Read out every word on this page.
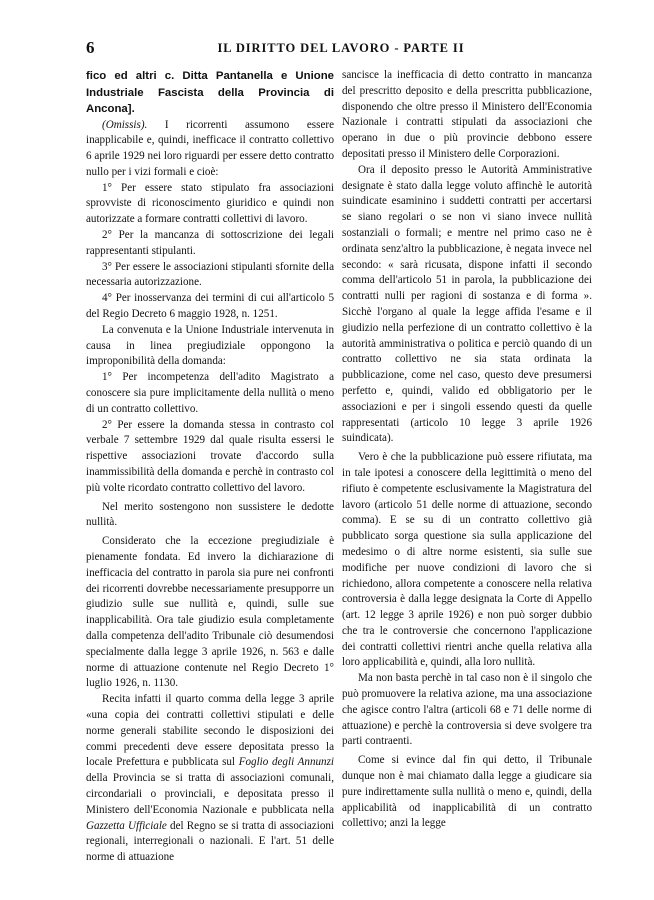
6	IL DIRITTO DEL LAVORO - PARTE II

fico ed altri c. Ditta Pantanella e Unione Industriale Fascista della Provincia di Ancona].

(Omissis). I ricorrenti assumono essere inapplicabile e, quindi, inefficace il contratto collettivo 6 aprile 1929 nei loro riguardi per essere detto contratto nullo per i vizi formali e cioè:

1° Per essere stato stipulato fra associazioni sprovviste di riconoscimento giuridico e quindi non autorizzate a formare contratti collettivi di lavoro.

2° Per la mancanza di sottoscrizione dei legali rappresentanti stipulanti.

3° Per essere le associazioni stipulanti sfornite della necessaria autorizzazione.

4° Per inosservanza dei termini di cui all'articolo 5 del Regio Decreto 6 maggio 1928, n. 1251.

La convenuta e la Unione Industriale intervenuta in causa in linea pregiudiziale oppongono la improponibilità della domanda:

1° Per incompetenza dell'adito Magistrato a conoscere sia pure implicitamente della nullità o meno di un contratto collettivo.

2° Per essere la domanda stessa in contrasto col verbale 7 settembre 1929 dal quale risulta essersi le rispettive associazioni trovate d'accordo sulla inammissibilità della domanda e perchè in contrasto col più volte ricordato contratto collettivo del lavoro.

Nel merito sostengono non sussistere le dedotte nullità.

Considerato che la eccezione pregiudiziale è pienamente fondata. Ed invero la dichiarazione di inefficacia del contratto in parola sia pure nei confronti dei ricorrenti dovrebbe necessariamente presupporre un giudizio sulle sue nullità e, quindi, sulle sue inapplicabilità. Ora tale giudizio esula completamente dalla competenza dell'adito Tribunale ciò desumendosi specialmente dalla legge 3 aprile 1926, n. 563 e dalle norme di attuazione contenute nel Regio Decreto 1° luglio 1926, n. 1130.

Recita infatti il quarto comma della legge 3 aprile «una copia dei contratti collettivi stipulati e delle norme generali stabilite secondo le disposizioni dei commi precedenti deve essere depositata presso la locale Prefettura e pubblicata sul Foglio degli Annunzi della Provincia se si tratta di associazioni comunali, circondariali o provinciali, e depositata presso il Ministero dell'Economia Nazionale e pubblicata nella Gazzetta Ufficiale del Regno se si tratta di associazioni regionali, interregionali o nazionali. E l'art. 51 delle norme di attuazione

sancisce la inefficacia di detto contratto in mancanza del prescritto deposito e della prescritta pubblicazione, disponendo che oltre presso il Ministero dell'Economia Nazionale i contratti stipulati da associazioni che operano in due o più provincie debbono essere depositati presso il Ministero delle Corporazioni.

Ora il deposito presso le Autorità Amministrative designate è stato dalla legge voluto affinchè le autorità suindicate esaminino i suddetti contratti per accertarsi se siano regolari o se non vi siano invece nullità sostanziali o formali; e mentre nel primo caso ne è ordinata senz'altro la pubblicazione, è negata invece nel secondo: « sarà ricusata, dispone infatti il secondo comma dell'articolo 51 in parola, la pubblicazione dei contratti nulli per ragioni di sostanza e di forma ». Sicchè l'organo al quale la legge affida l'esame e il giudizio nella perfezione di un contratto collettivo è la autorità amministrativa o politica e perciò quando di un contratto collettivo ne sia stata ordinata la pubblicazione, come nel caso, questo deve presumersi perfetto e, quindi, valido ed obbligatorio per le associazioni e per i singoli essendo questi da quelle rappresentati (articolo 10 legge 3 aprile 1926 suindicata).

Vero è che la pubblicazione può essere rifiutata, ma in tale ipotesi a conoscere della legittimità o meno del rifiuto è competente esclusivamente la Magistratura del lavoro (articolo 51 delle norme di attuazione, secondo comma). E se su di un contratto collettivo già pubblicato sorga questione sia sulla applicazione del medesimo o di altre norme esistenti, sia sulle sue modifiche per nuove condizioni di lavoro che si richiedono, allora competente a conoscere nella relativa controversia è dalla legge designata la Corte di Appello (art. 12 legge 3 aprile 1926) e non può sorger dubbio che tra le controversie che concernono l'applicazione dei contratti collettivi rientri anche quella relativa alla loro applicabilità e, quindi, alla loro nullità.

Ma non basta perchè in tal caso non è il singolo che può promuovere la relativa azione, ma una associazione che agisce contro l'altra (articoli 68 e 71 delle norme di attuazione) e perchè la controversia si deve svolgere tra parti contraenti.

Come si evince dal fin qui detto, il Tribunale dunque non è mai chiamato dalla legge a giudicare sia pure indirettamente sulla nullità o meno e, quindi, della applicabilità od inapplicabilità di un contratto collettivo; anzi la legge
